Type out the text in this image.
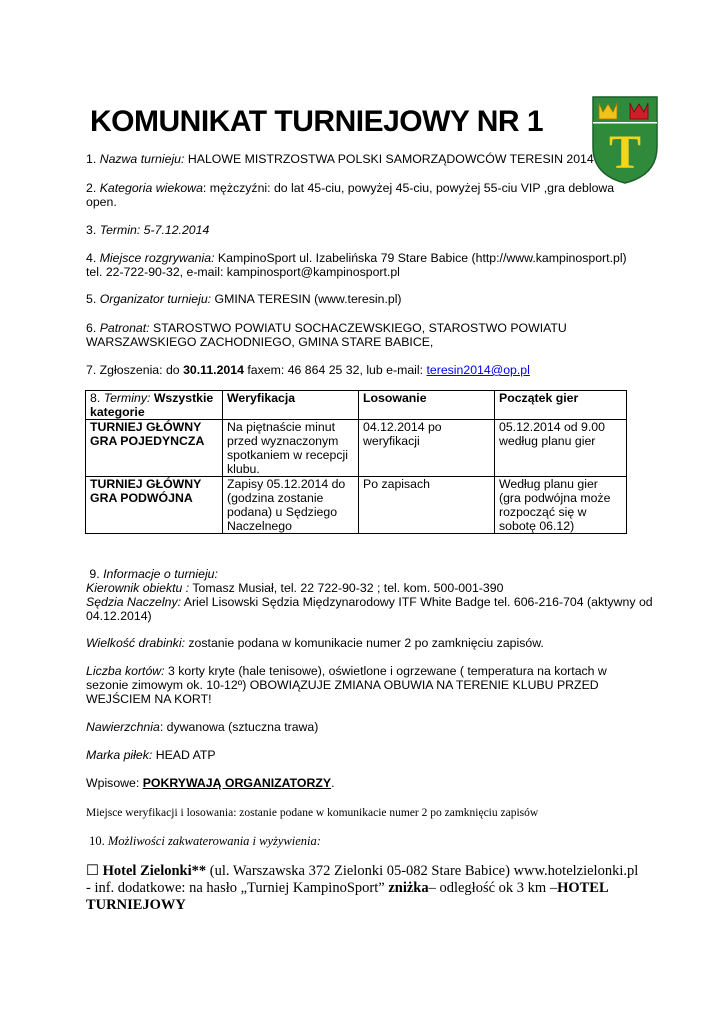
KOMUNIKAT TURNIEJOWY NR 1
T
1. Nazwa turnieju: HALOWE MISTRZOSTWA POLSKI SAMORZĄDOWCÓW TERESIN 2014
2. Kategoria wiekowa: mężczyźni: do lat 45-ciu, powyżej 45-ciu, powyżej 55-ciu VIP ,gra deblowa open.
3. Termin: 5-7.12.2014
4. Miejsce rozgrywania: KampinoSport ul. Izabelińska 79 Stare Babice (http://www.kampinosport.pl) tel. 22-722-90-32, e-mail: kampinosport@kampinosport.pl
5. Organizator turnieju: GMINA TERESIN (www.teresin.pl)
6. Patronat: STAROSTWO POWIATU SOCHACZEWSKIEGO, STAROSTWO POWIATU WARSZAWSKIEGO ZACHODNIEGO, GMINA STARE BABICE,
7. Zgłoszenia: do 30.11.2014 faxem: 46 864 25 32, lub e-mail: teresin2014@op.pl
8. Terminy: Wszystkie kategorie	Weryfikacja	Losowanie	Początek gier
TURNIEJ GŁÓWNY GRA POJEDYNCZA	Na piętnaście minut przed wyznaczonym spotkaniem w recepcji klubu.	04.12.2014 po weryfikacji	05.12.2014 od 9.00 według planu gier
TURNIEJ GŁÓWNY GRA PODWÓJNA	Zapisy 05.12.2014 do (godzina zostanie podana) u Sędziego Naczelnego	Po zapisach	Według planu gier (gra podwójna może rozpocząć się w sobotę 06.12)

9. Informacje o turnieju:

Kierownik obiektu : Tomasz Musiał, tel. 22 722-90-32 ; tel. kom. 500-001-390

Sędzia Naczelny: Ariel Lisowski Sędzia Międzynarodowy ITF White Badge tel. 606-216-704 (aktywny od 04.12.2014)

Wielkość drabinki: zostanie podana w komunikacie numer 2 po zamknięciu zapisów.
Liczba kortów: 3 korty kryte (hale tenisowe), oświetlone i ogrzewane ( temperatura na kortach w sezonie zimowym ok. 10-12º) OBOWIĄZUJE ZMIANA OBUWIA NA TERENIE KLUBU PRZED WEJŚCIEM NA KORT!
Nawierzchnia: dywanowa (sztuczna trawa)
Marka piłek: HEAD ATP
Wpisowe: POKRYWAJĄ ORGANIZATORZY.
Miejsce weryfikacji i losowania: zostanie podane w komunikacie numer 2 po zamknięciu zapisów
10. Możliwości zakwaterowania i wyżywienia:
☐ Hotel Zielonki** (ul. Warszawska 372 Zielonki 05-082 Stare Babice) www.hotelzielonki.pl - inf. dodatkowe: na hasło „Turniej KampinoSport” zniżka– odległość ok 3 km –HOTEL TURNIEJOWY
